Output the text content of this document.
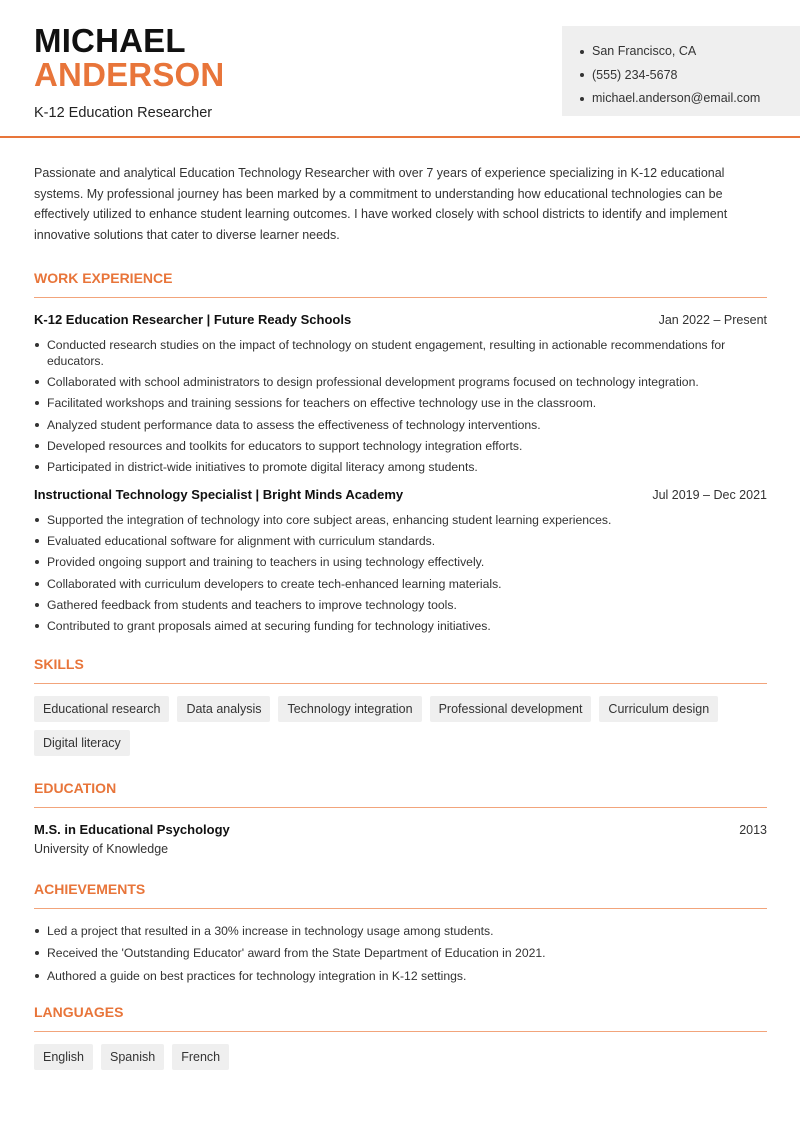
MICHAEL
ANDERSON
K-12 Education Researcher
San Francisco, CA
(555) 234-5678
michael.anderson@email.com

Passionate and analytical Education Technology Researcher with over 7 years of experience specializing in K-12 educational systems. My professional journey has been marked by a commitment to understanding how educational technologies can be effectively utilized to enhance student learning outcomes. I have worked closely with school districts to identify and implement innovative solutions that cater to diverse learner needs.

WORK EXPERIENCE
K-12 Education Researcher | Future Ready Schools	Jan 2022 – Present
Conducted research studies on the impact of technology on student engagement, resulting in actionable recommendations for educators.
Collaborated with school administrators to design professional development programs focused on technology integration.
Facilitated workshops and training sessions for teachers on effective technology use in the classroom.
Analyzed student performance data to assess the effectiveness of technology interventions.
Developed resources and toolkits for educators to support technology integration efforts.
Participated in district-wide initiatives to promote digital literacy among students.
Instructional Technology Specialist | Bright Minds Academy	Jul 2019 – Dec 2021
Supported the integration of technology into core subject areas, enhancing student learning experiences.
Evaluated educational software for alignment with curriculum standards.
Provided ongoing support and training to teachers in using technology effectively.
Collaborated with curriculum developers to create tech-enhanced learning materials.
Gathered feedback from students and teachers to improve technology tools.
Contributed to grant proposals aimed at securing funding for technology initiatives.
SKILLS
Educational research	Data analysis	Technology integration	Professional development	Curriculum design
Digital literacy
EDUCATION
M.S. in Educational Psychology	2013
University of Knowledge
ACHIEVEMENTS
Led a project that resulted in a 30% increase in technology usage among students.
Received the 'Outstanding Educator' award from the State Department of Education in 2021.
Authored a guide on best practices for technology integration in K-12 settings.
LANGUAGES
English	Spanish	French
